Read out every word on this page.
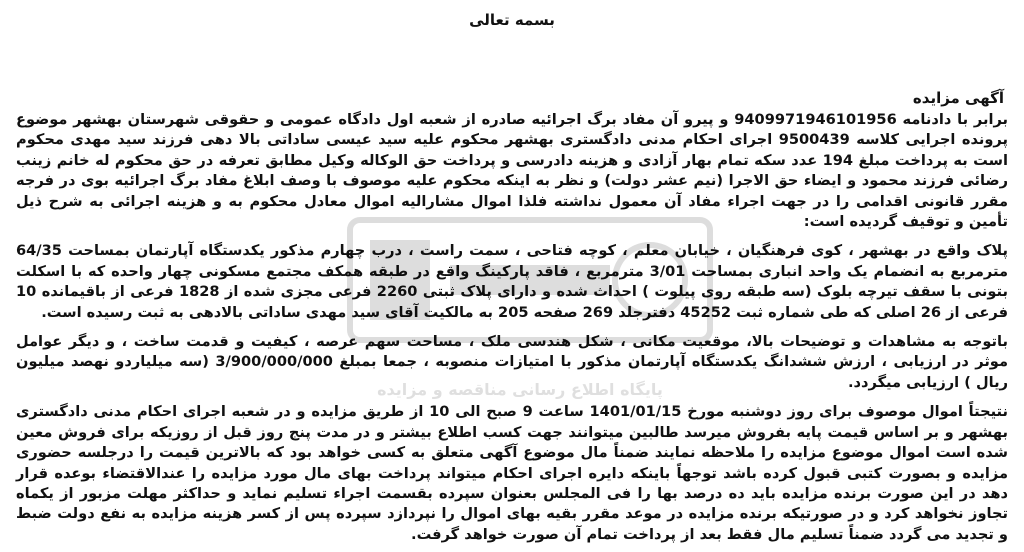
بسمه تعالی

آگهی مزایده

برابر با دادنامه 9409971946101956 و پیرو آن مفاد برگ اجرائیه صادره از شعبه اول دادگاه عمومی و حقوقی شهرستان بهشهر موضوع پرونده اجرایی کلاسه 9500439 اجرای احکام مدنی دادگستری بهشهر محکوم علیه سید عیسی ساداتی بالا دهی فرزند سید مهدی محکوم است به پرداخت مبلغ 194 عدد سکه تمام بهار آزادی و هزینه دادرسی و پرداخت حق الوکاله وکیل مطابق تعرفه در حق محکوم له خانم زینب رضائی فرزند محمود و ایضاء حق الاجرا (نیم عشر دولت) و نظر به اینکه محکوم علیه موصوف با وصف ابلاغ مفاد برگ اجرائیه بوی در فرجه مقرر قانونی اقدامی را در جهت اجراء مفاد آن معمول نداشته فلذا اموال مشارالیه اموال معادل محکوم به و هزینه اجرائی به شرح ذیل تأمین و توقیف گردیده است:

پلاک واقع در بهشهر ، کوی فرهنگیان ، خیابان معلم ، کوچه فتاحی ، سمت راست ، درب چهارم مذکور یکدستگاه آپارتمان بمساحت 64/35 مترمربع به انضمام یک واحد انباری بمساحت 3/01 مترمربع ، فاقد پارکینگ واقع در طبقه همکف مجتمع مسکونی چهار واحده که با اسکلت بتونی با سقف تیرچه بلوک (سه طبقه روی پیلوت ) احداث شده و دارای پلاک ثبتی 2260 فرعی مجزی شده از 1828 فرعی از باقیمانده 10 فرعی از 26 اصلی که طی شماره ثبت 45252 دفترجلد 269 صفحه 205 به مالکیت آقای سید مهدی ساداتی بالادهی به ثبت رسیده است.

باتوجه به مشاهدات و توضیحات بالا، موقعیت مکانی ، شکل هندسی ملک ، مساحت سهم عرصه ، کیفیت و قدمت ساخت ، و دیگر عوامل موثر در ارزیابی ، ارزش ششدانگ یکدستگاه آپارتمان مذکور با امتیازات منصوبه ، جمعا بمبلغ 3/900/000/000 (سه میلیاردو نهصد میلیون ریال ) ارزیابی میگردد.

نتیجتاً اموال موصوف برای روز دوشنبه مورخ 1401/01/15 ساعت 9 صبح الی 10 از طریق مزایده و در شعبه اجرای احکام مدنی دادگستری بهشهر و بر اساس قیمت پایه بفروش میرسد طالبین میتوانند جهت کسب اطلاع بیشتر و در مدت پنج روز قبل از روزیکه برای فروش معین شده است اموال موضوع مزایده را ملاحظه نمایند ضمناً مال موضوع آگهی متعلق به کسی خواهد بود که بالاترین قیمت را درجلسه حضوری مزایده و بصورت کتبی قبول کرده باشد توجهاً باینکه دایره اجرای احکام میتواند پرداخت بهای مال مورد مزایده را عندالاقتضاء بوعده قرار دهد در این صورت برنده مزایده باید ده درصد بها را فی المجلس بعنوان سپرده بقسمت اجراء تسلیم نماید و حداکثر مهلت مزبور از یکماه تجاوز نخواهد کرد و در صورتیکه برنده مزایده در موعد مقرر بقیه بهای اموال را نپردازد سپرده پس از کسر هزینه مزایده به نفع دولت ضبط و تجدید می گردد ضمناً تسلیم مال فقط بعد از پرداخت تمام آن صورت خواهد گرفت.

پایگاه اطلاع رسانی مناقصه و مزایده
